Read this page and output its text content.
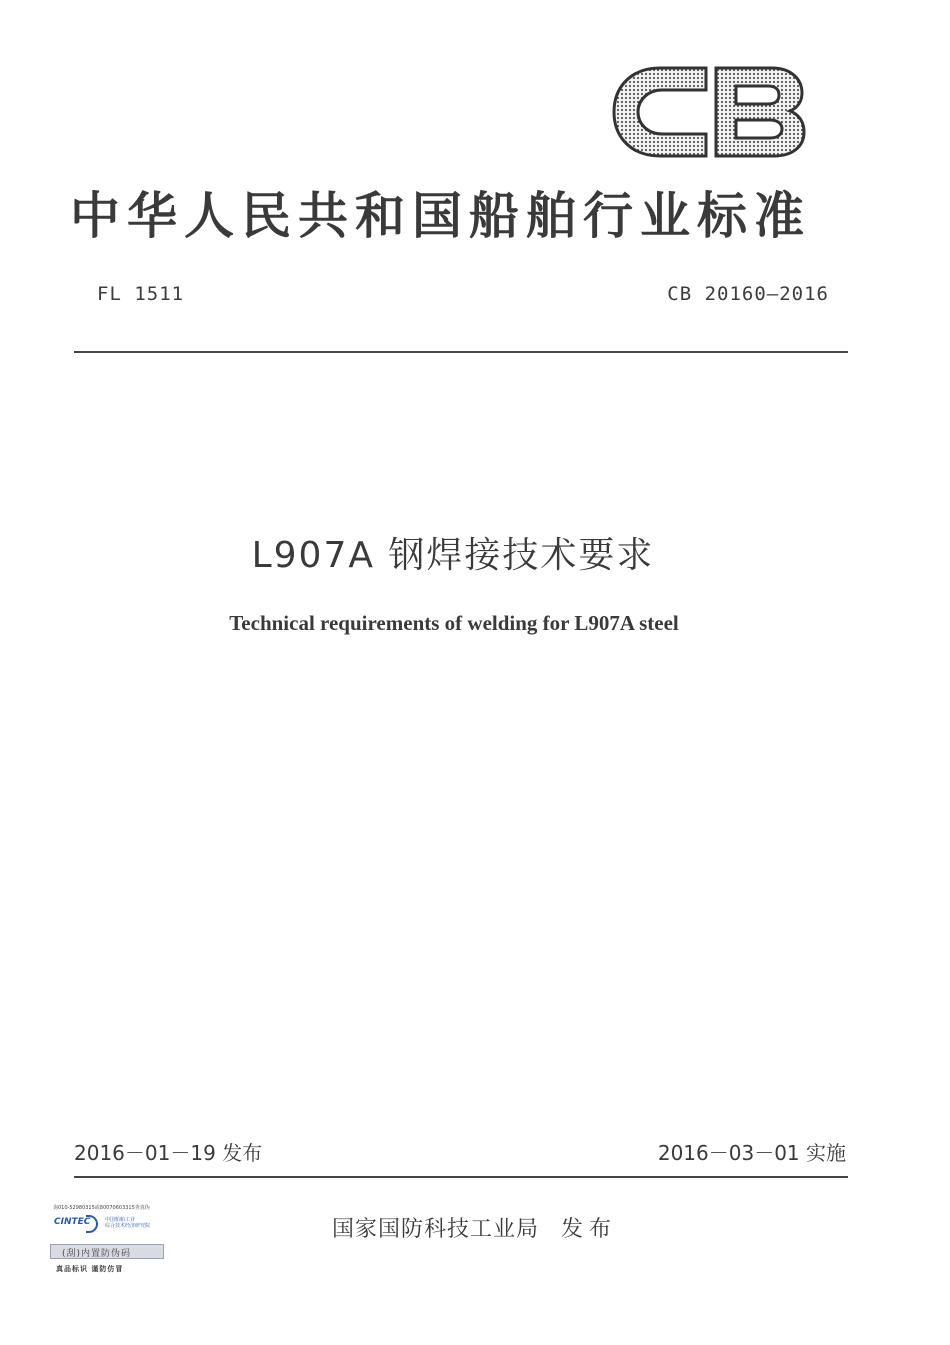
中华人民共和国船舶行业标准
FL 1511	CB 20160—2016
L907A 钢焊接技术要求
Technical requirements of welding for L907A steel
2016－01－19 发布	2016－03－01 实施
询010-52980315或80070603315查真伪
CINTEC	中国船舶工业
综合技术经济研究院
(刮)内置防伪码
真品标识 谨防仿冒
国家国防科技工业局 发布
